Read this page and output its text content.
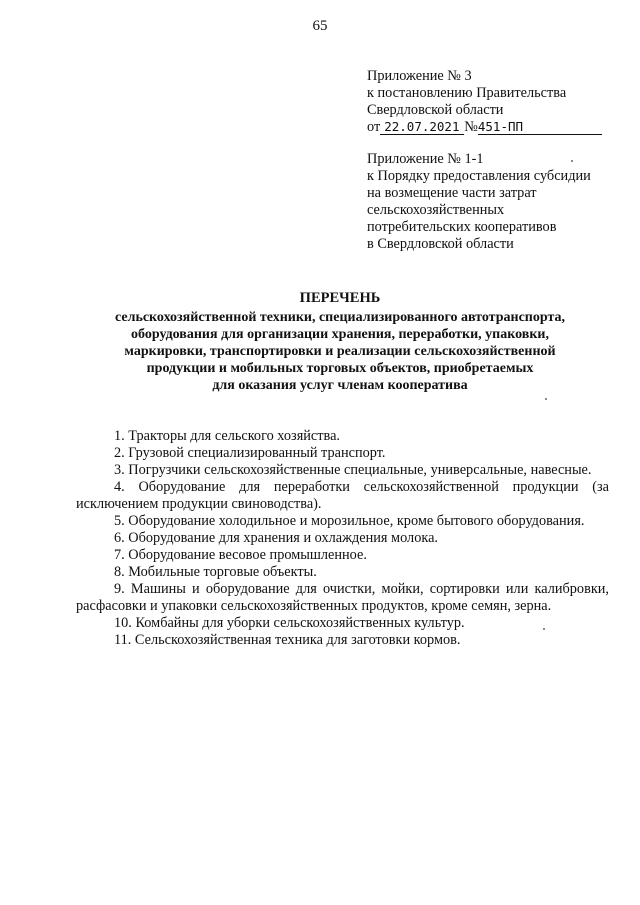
65
Приложение № 3
к постановлению Правительства
Свердловской области
от 22.07.2021 №451-ПП
Приложение № 1-1
к Порядку предоставления субсидии
на возмещение части затрат
сельскохозяйственных
потребительских кооперативов
в Свердловской области
ПЕРЕЧЕНЬ
сельскохозяйственной техники, специализированного автотранспорта,
оборудования для организации хранения, переработки, упаковки,
маркировки, транспортировки и реализации сельскохозяйственной
продукции и мобильных торговых объектов, приобретаемых
для оказания услуг членам кооператива
1. Тракторы для сельского хозяйства.
2. Грузовой специализированный транспорт.
3. Погрузчики сельскохозяйственные специальные, универсальные, навесные.
4. Оборудование для переработки сельскохозяйственной продукции (за исключением продукции свиноводства).
5. Оборудование холодильное и морозильное, кроме бытового оборудования.
6. Оборудование для хранения и охлаждения молока.
7. Оборудование весовое промышленное.
8. Мобильные торговые объекты.
9. Машины и оборудование для очистки, мойки, сортировки или калибровки, расфасовки и упаковки сельскохозяйственных продуктов, кроме семян, зерна.
10. Комбайны для уборки сельскохозяйственных культур.
11. Сельскохозяйственная техника для заготовки кормов.
